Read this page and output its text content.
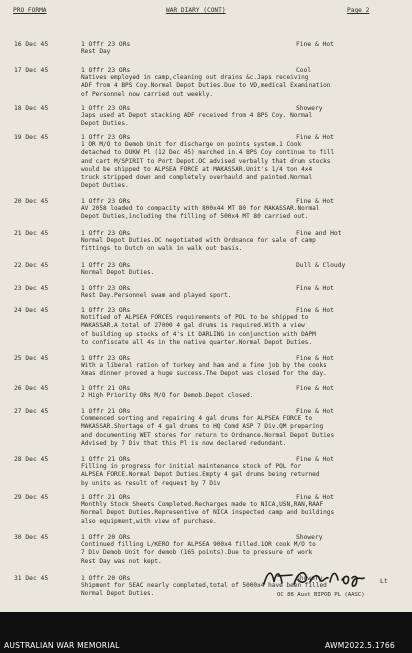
PRO FORMA	WAR DIARY (CONT)	Page 2
16 Dec 45	1 Offr 23 ORs	Fine & Hot
Rest Day
17 Dec 45	1 Offr 23 ORs	Cool
Natives employed in camp,cleaning out drains &c.Japs receiving
ADF from 4 BPS Coy.Normal Depot Duties.Due to VD,medical Examination
of Personnel now carried out weekly.
18 Dec 45	1 Offr 23 ORs	Showery
Japs used at Depot stacking ADF received from 4 BPS Coy. Normal
Depot Duties.
19 Dec 45	1 Offr 23 ORs	Fine & Hot
1 OR M/O to Demob Unit for discharge on points system.1 Cook
detached to DUKW Pl (12 Dec 45) marched in.4 BPS Coy continue to fill
and cart M/SPIRIT to Port Depot.OC advised verbally that drum stocks
would be shipped to ALPSEA FORCE at MAKASSAR.Unit's 1/4 ton 4x4
truck stripped down and completely overhauld and painted.Normal
Depot Duties.
20 Dec 45	1 Offr 23 ORs	Fine & Hot
AV 2058 loaded to compacity with 800x44 MT 80 for MAKASSAR.Normal
Depot Duties,including the filling of 500x4 MT 80 carried out.
21 Dec 45	1 Offr 23 ORs	Fine and Hot
Normal Depot Duties.OC negotiated with Ordnance for sale of camp
fittings to Dutch on walk in walk out basis.
22 Dec 45	1 Offr 23 ORs	Dull & Cloudy
Normal Depot Duties.
23 Dec 45	1 Offr 23 ORs	Fine & Hot
Rest Day.Personnel swam and played sport.
24 Dec 45	1 Offr 23 ORs	Fine & Hot
Notified of ALPSEA FORCES requirements of POL to be shipped to
MAKASSAR.A total of 27000 4 gal drums is required.With a view
of building up stocks of 4's Lt DARLING in conjunction with DAPM
to confiscate all 4s in the native quarter.Normal Depot Duties.
25 Dec 45	1 Offr 23 ORs	Fine & Hot
With a liberal ration of turkey and ham and a fine job by the cooks
Xmas dinner proved a huge success.The Depot was closed for the day.
26 Dec 45	1 Offr 21 ORs	Fine & Hot
2 High Priority ORs M/O for Demob.Depot closed.
27 Dec 45	1 Offr 21 ORs	Fine & Hot
Commenced sorting and repairing 4 gal drums for ALPSEA FORCE to
MAKASSAR.Shortage of 4 gal drums to HQ Comd ASP 7 Div.QM preparing
and documenting WET stores for return to Ordnance.Normal Depot Duties
Advised by 7 Div that this Pl is now declared redundant.
28 Dec 45	1 Offr 21 ORs	Fine & Hot
Filling in progress for initial maintenance stock of POL for
ALPSEA FORCE.Normal Depot Duties.Empty 4 gal drums being returned
by units as result of request by 7 Div
29 Dec 45	1 Offr 21 ORs	Fine & Hot
Monthly Stock Sheets Completed.Recharges made to NICA,USN,RAN,RAAF
Normal Depot Duties.Representive of NICA inspected camp and buildings
also equipment,with view of purchase.
30 Dec 45	1 Offr 20 ORs	Showery
Continued filling L/KERO for ALPSEA 900x4 filled.1OR cook M/O to
7 Div Demob Unit for demob (165 points).Due to pressure of work
Rest Day was not kept.
31 Dec 45	1 Offr 20 ORs	Showery
Shipment for SEAC nearly completed,total of 5000x4 have been filled
Normal Depot Duties.
Lt
OC 86 Aust BIPOD PL (AASC)
AUSTRALIAN WAR MEMORIAL	AWM2022.5.1766
